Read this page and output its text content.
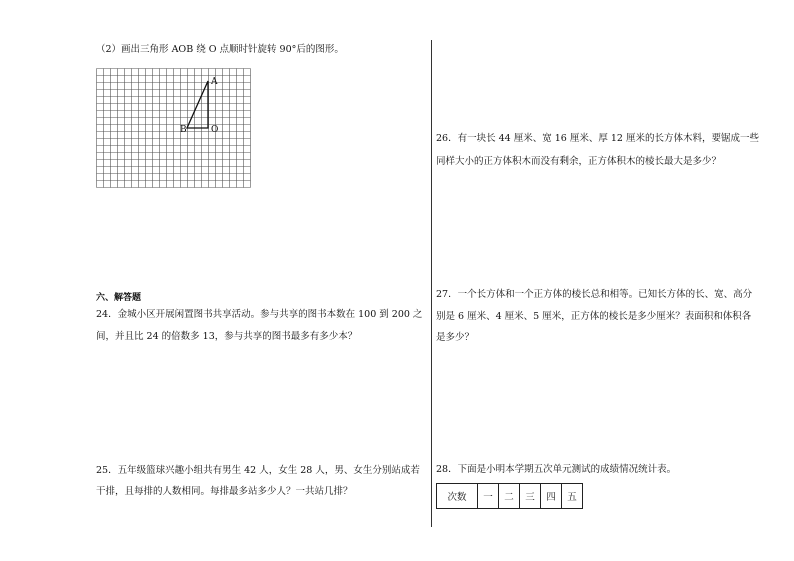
（2）画出三角形 AOB 绕 O 点顺时针旋转 90°后的图形。
A
B	O
六、解答题
24．金城小区开展闲置图书共享活动。参与共享的图书本数在 100 到 200 之
间，并且比 24 的倍数多 13，参与共享的图书最多有多少本？
25．五年级篮球兴趣小组共有男生 42 人，女生 28 人，男、女生分别站成若
干排，且每排的人数相同。每排最多站多少人？一共站几排？
26．有一块长 44 厘米、宽 16 厘米、厚 12 厘米的长方体木料，要锯成一些
同样大小的正方体积木而没有剩余，正方体积木的棱长最大是多少？
27．一个长方体和一个正方体的棱长总和相等。已知长方体的长、宽、高分
别是 6 厘米、4 厘米、5 厘米，正方体的棱长是多少厘米？表面积和体积各
是多少？
28．下面是小明本学期五次单元测试的成绩情况统计表。
次数	一	二	三	四	五
